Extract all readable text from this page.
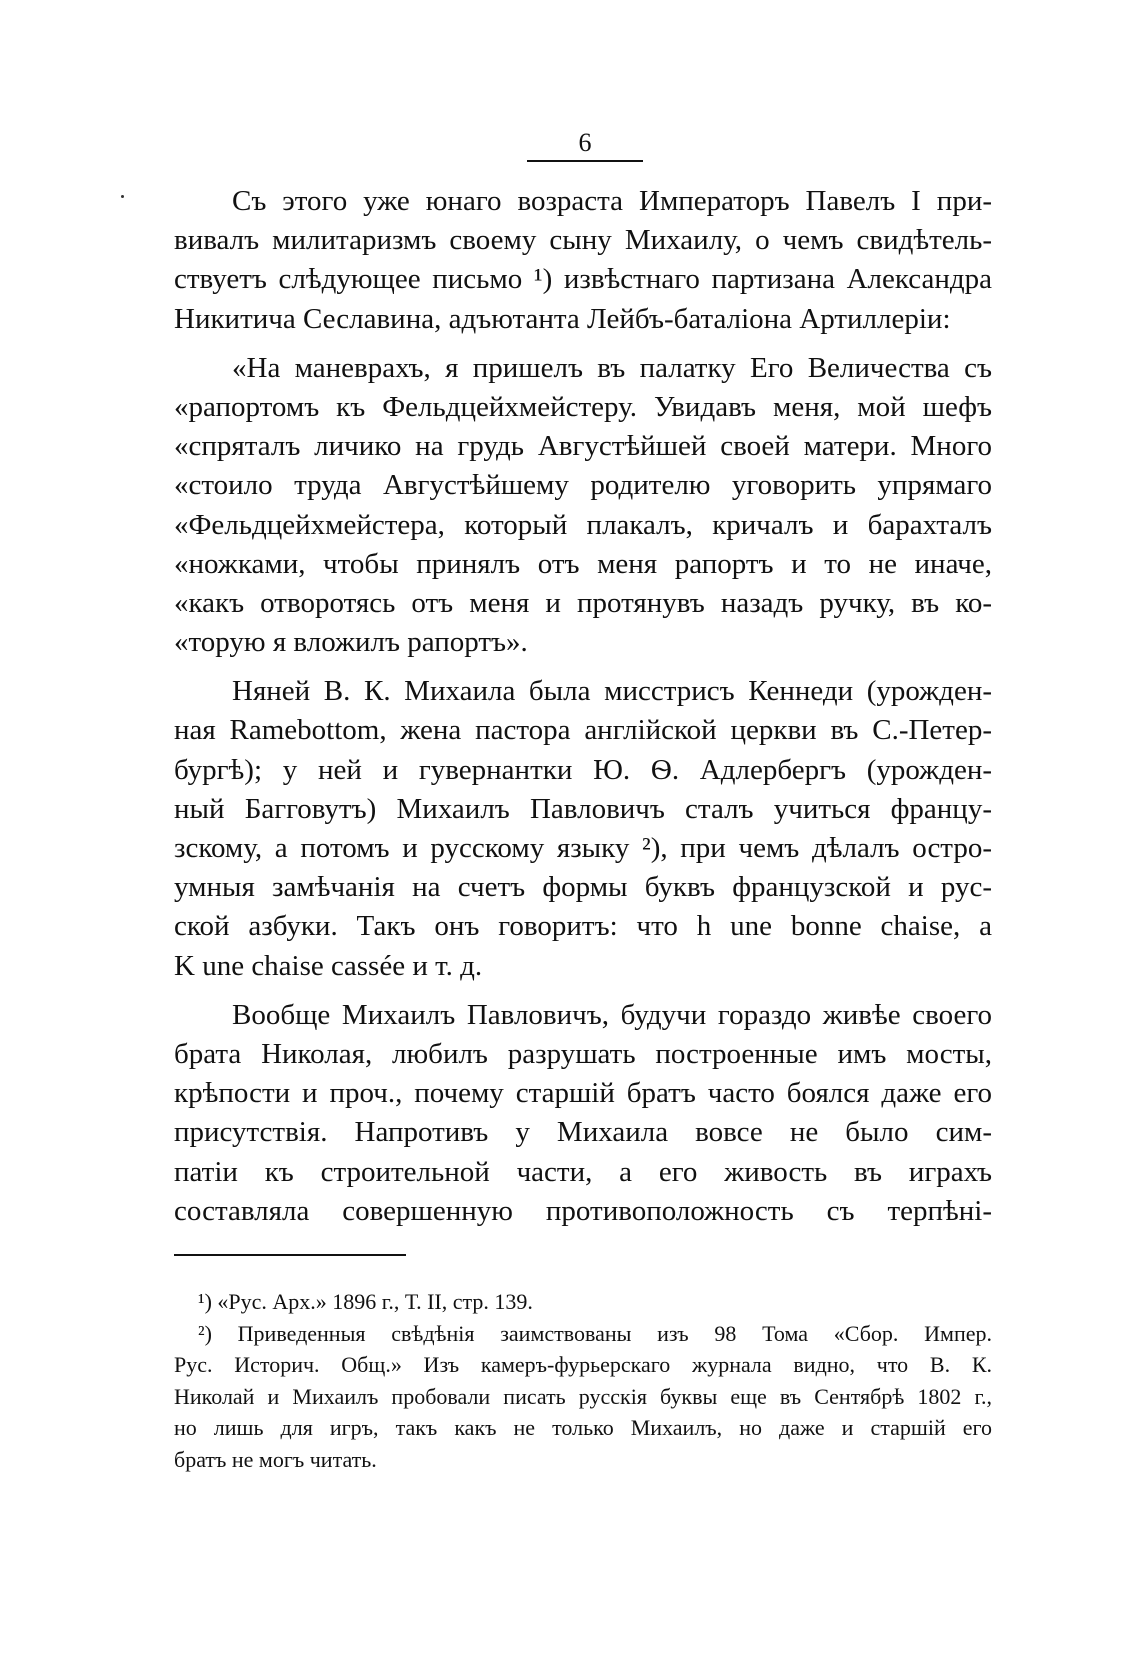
6
Съ этого уже юнаго возраста Императоръ Павелъ I при-
вивалъ милитаризмъ своему сыну Михаилу, о чемъ свидѣтель-
ствуетъ слѣдующее письмо ¹) извѣстнаго партизана Александра
Никитича Сеславина, адъютанта Лейбъ-баталіона Артиллеріи:
«На маневрахъ, я пришелъ въ палатку Его Величества съ
«рапортомъ къ Фельдцейхмейстеру. Увидавъ меня, мой шефъ
«спряталъ личико на грудь Августѣйшей своей матери. Много
«стоило труда Августѣйшему родителю уговорить упрямаго
«Фельдцейхмейстера, который плакалъ, кричалъ и барахталъ
«ножками, чтобы принялъ отъ меня рапортъ и то не иначе,
«какъ отворотясь отъ меня и протянувъ назадъ ручку, въ ко-
«торую я вложилъ рапортъ».
Няней В. К. Михаила была мисстрисъ Кеннеди (урожден-
ная Ramebottom, жена пастора англійской церкви въ С.-Петер-
бургѣ); у ней и гувернантки Ю. Ѳ. Адлербергъ (урожден-
ный Багговутъ) Михаилъ Павловичъ сталъ учиться францу-
зскому, а потомъ и русскому языку ²), при чемъ дѣлалъ остро-
умныя замѣчанія на счетъ формы буквъ французской и рус-
ской азбуки. Такъ онъ говоритъ: что h une bonne chaise, а
K une chaise cassée и т. д.
Вообще Михаилъ Павловичъ, будучи гораздо живѣе своего
брата Николая, любилъ разрушать построенные имъ мосты,
крѣпости и проч., почему старшій братъ часто боялся даже его
присутствія. Напротивъ у Михаила вовсе не было сим-
патіи къ строительной части, а его живость въ играхъ
составляла совершенную противоположность съ терпѣні-
¹) «Рус. Арх.» 1896 г., Т. II, стр. 139.
²) Приведенныя свѣдѣнія заимствованы изъ 98 Тома «Сбор. Импер.
Рус. Историч. Общ.» Изъ камеръ-фурьерскаго журнала видно, что В. К.
Николай и Михаилъ пробовали писать русскія буквы еще въ Сентябрѣ 1802 г.,
но лишь для игръ, такъ какъ не только Михаилъ, но даже и старшій его
братъ не могъ читать.
